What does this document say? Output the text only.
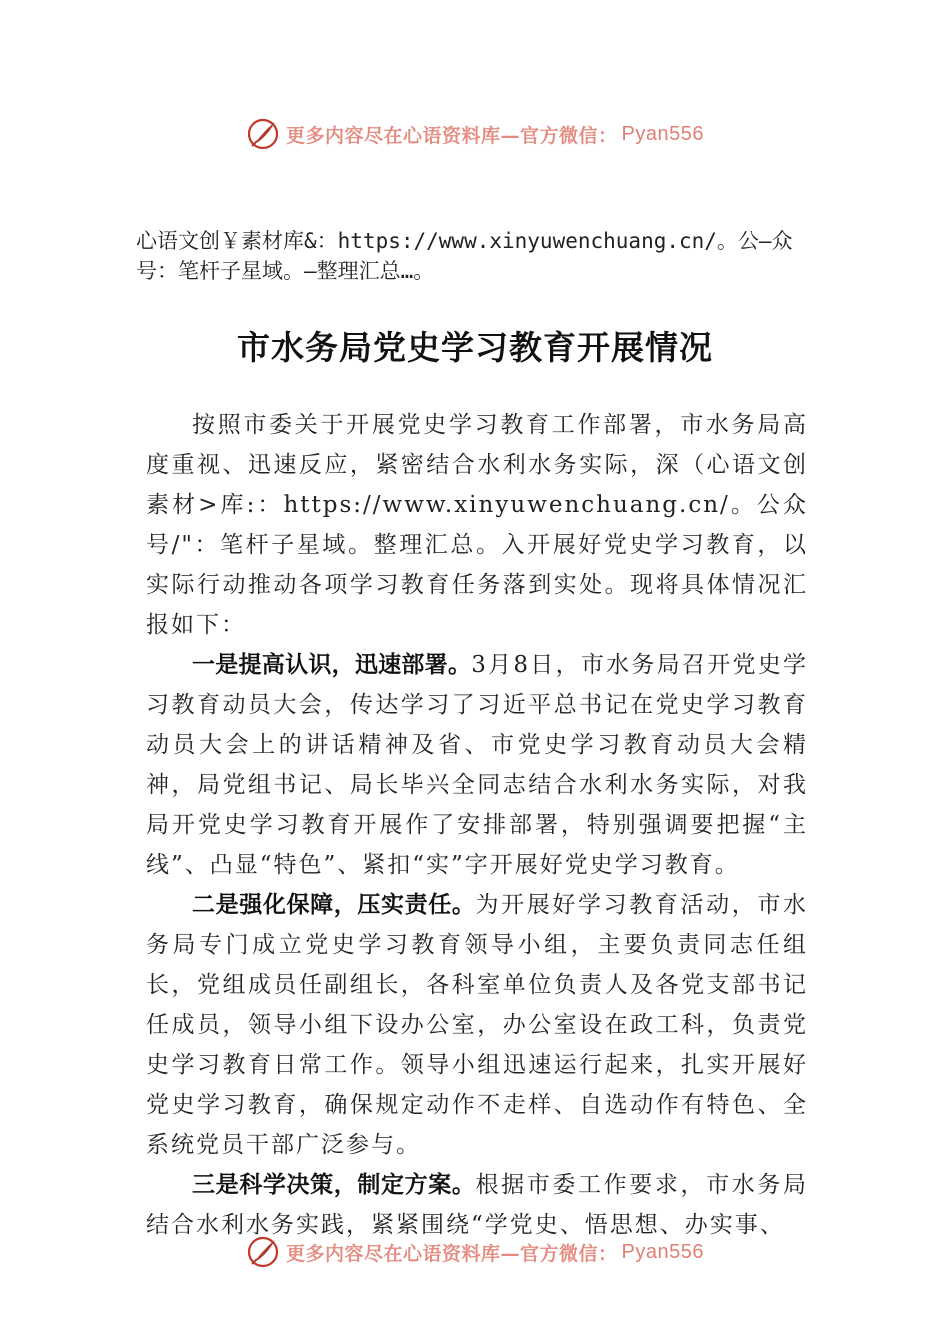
更多内容尽在心语资料库—官方微信： Pyan556
心语文创￥素材库&：https://www.xinyuwenchuang.cn/。公—众号：笔杆子星域。—整理汇总…。
市水务局党史学习教育开展情况

按照市委关于开展党史学习教育工作部署，市水务局高度重视、迅速反应，紧密结合水利水务实际，深（心语文创素材>库:：https://www.xinyuwenchuang.cn/。公众号/"：笔杆子星域。整理汇总。入开展好党史学习教育，以实际行动推动各项学习教育任务落到实处。现将具体情况汇报如下：

一是提高认识，迅速部署。3月8日，市水务局召开党史学习教育动员大会，传达学习了习近平总书记在党史学习教育动员大会上的讲话精神及省、市党史学习教育动员大会精神，局党组书记、局长毕兴全同志结合水利水务实际，对我局开党史学习教育开展作了安排部署，特别强调要把握“主线”、凸显“特色”、紧扣“实”字开展好党史学习教育。

二是强化保障，压实责任。为开展好学习教育活动，市水务局专门成立党史学习教育领导小组，主要负责同志任组长，党组成员任副组长，各科室单位负责人及各党支部书记任成员，领导小组下设办公室，办公室设在政工科，负责党史学习教育日常工作。领导小组迅速运行起来，扎实开展好党史学习教育，确保规定动作不走样、自选动作有特色、全系统党员干部广泛参与。

三是科学决策，制定方案。根据市委工作要求，市水务局结合水利水务实践，紧紧围绕“学党史、悟思想、办实事、

更多内容尽在心语资料库—官方微信： Pyan556
